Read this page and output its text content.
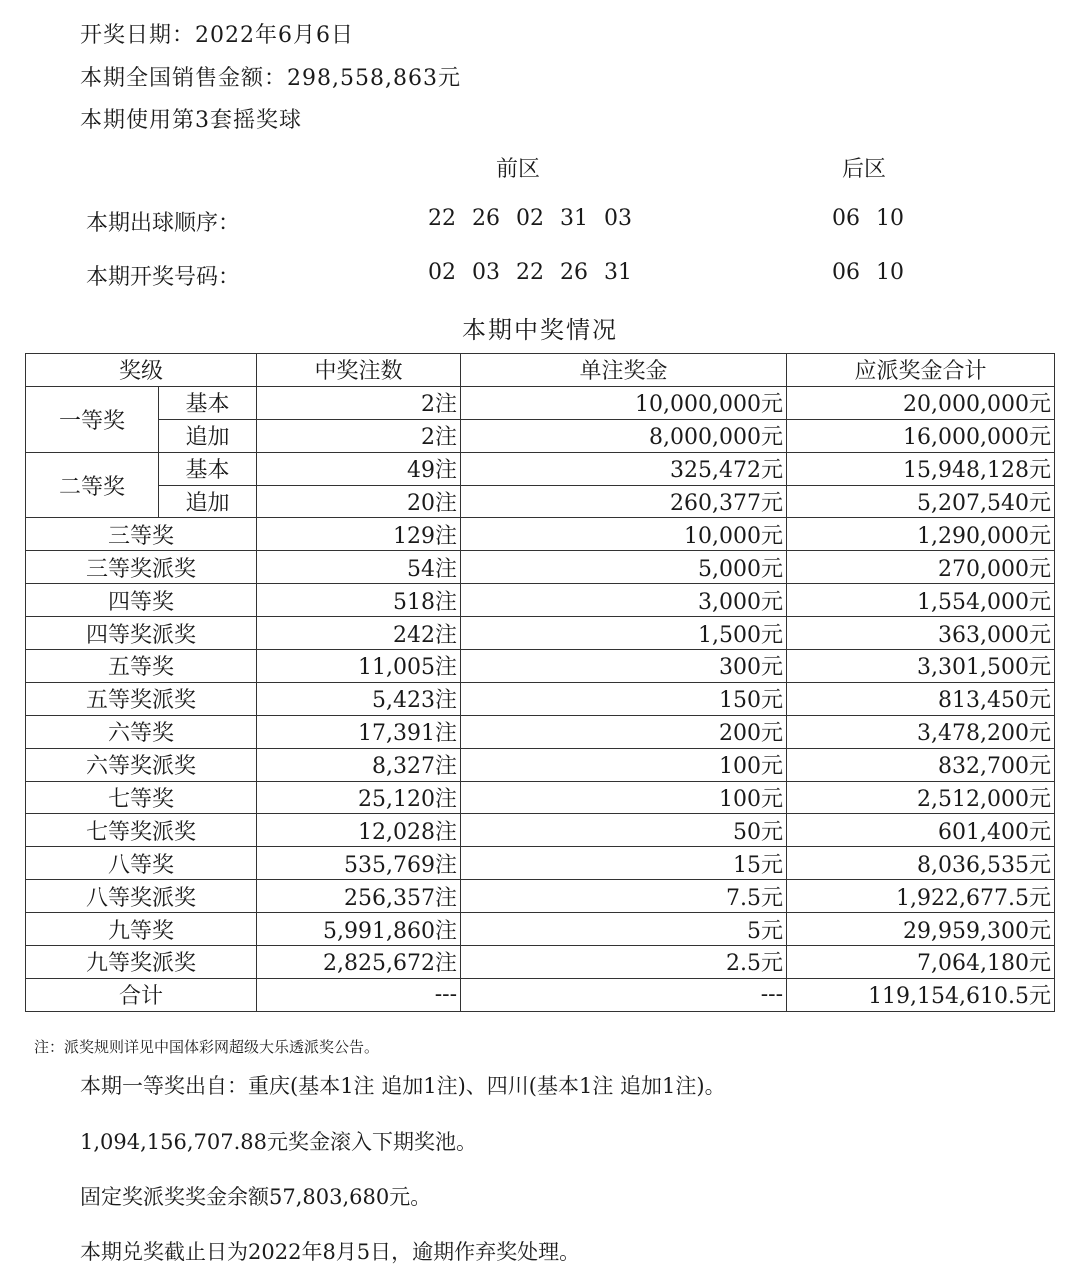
开奖日期：2022年6月6日
本期全国销售金额：298,558,863元
本期使用第3套摇奖球
前区	后区
本期出球顺序：	22 26 02 31 03	06 10
本期开奖号码：	02 03 22 26 31	06 10
本期中奖情况
奖级		中奖注数	单注奖金	应派奖金合计
一等奖	基本	2注	10,000,000元	20,000,000元
	追加	2注	8,000,000元	16,000,000元
二等奖	基本	49注	325,472元	15,948,128元
	追加	20注	260,377元	5,207,540元
三等奖		129注	10,000元	1,290,000元
三等奖派奖		54注	5,000元	270,000元
四等奖		518注	3,000元	1,554,000元
四等奖派奖		242注	1,500元	363,000元
五等奖		11,005注	300元	3,301,500元
五等奖派奖		5,423注	150元	813,450元
六等奖		17,391注	200元	3,478,200元
六等奖派奖		8,327注	100元	832,700元
七等奖		25,120注	100元	2,512,000元
七等奖派奖		12,028注	50元	601,400元
八等奖		535,769注	15元	8,036,535元
八等奖派奖		256,357注	7.5元	1,922,677.5元
九等奖		5,991,860注	5元	29,959,300元
九等奖派奖		2,825,672注	2.5元	7,064,180元
合计		---	---	119,154,610.5元
注：派奖规则详见中国体彩网超级大乐透派奖公告。
本期一等奖出自：重庆(基本1注 追加1注)、四川(基本1注 追加1注)。
1,094,156,707.88元奖金滚入下期奖池。
固定奖派奖奖金余额57,803,680元。
本期兑奖截止日为2022年8月5日，逾期作弃奖处理。
